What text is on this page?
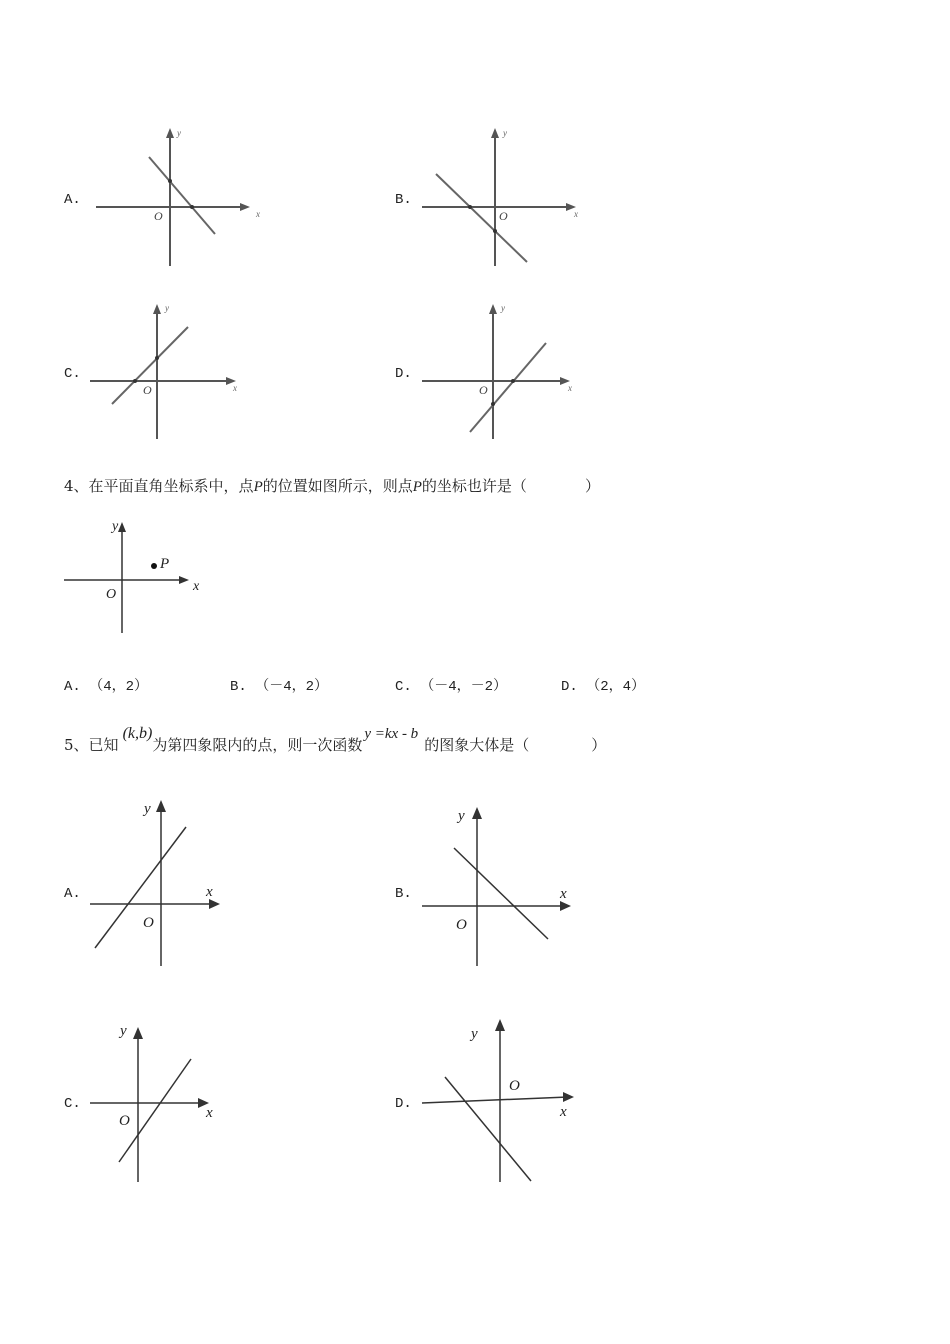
A.
x
y
O
B.
x
y
O
C.
x
y
O
D.
x
y
O
4、在平面直角坐标系中，点P的位置如图所示，则点P的坐标也许是（	）
P
x
y
O
A. （4，2）	B. （－4，2）	C. （－4，－2）	D. （2，4）
5、已知(k,b)为第四象限内的点，则一次函数y =kx - b的图象大体是（	）
A.	x
y
O
B.	x
y
O
C.
x
y
O
D.	x
y
O
